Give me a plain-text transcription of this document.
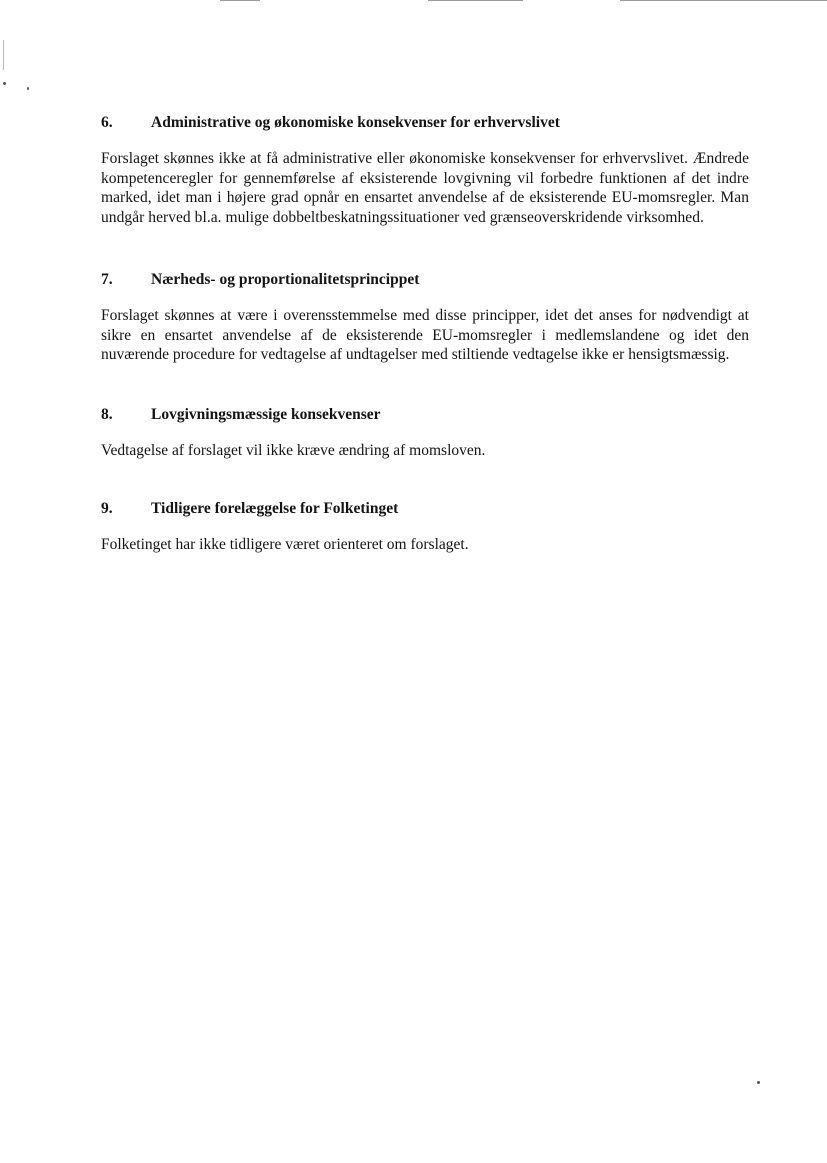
6.	Administrative og økonomiske konsekvenser for erhvervslivet

Forslaget skønnes ikke at få administrative eller økonomiske konsekvenser for erhvervslivet. Ændrede kompetenceregler for gennemførelse af eksisterende lovgivning vil forbedre funktionen af det indre marked, idet man i højere grad opnår en ensartet anvendelse af de eksisterende EU-momsregler. Man undgår herved bl.a. mulige dobbeltbeskatningssituationer ved grænseoverskridende virksomhed.

7.	Nærheds- og proportionalitetsprincippet

Forslaget skønnes at være i overensstemmelse med disse principper, idet det anses for nødvendigt at sikre en ensartet anvendelse af de eksisterende EU-momsregler i medlemslandene og idet den nuværende procedure for vedtagelse af undtagelser med stiltiende vedtagelse ikke er hensigtsmæssig.

8.	Lovgivningsmæssige konsekvenser

Vedtagelse af forslaget vil ikke kræve ændring af momsloven.

9.	Tidligere forelæggelse for Folketinget

Folketinget har ikke tidligere været orienteret om forslaget.
